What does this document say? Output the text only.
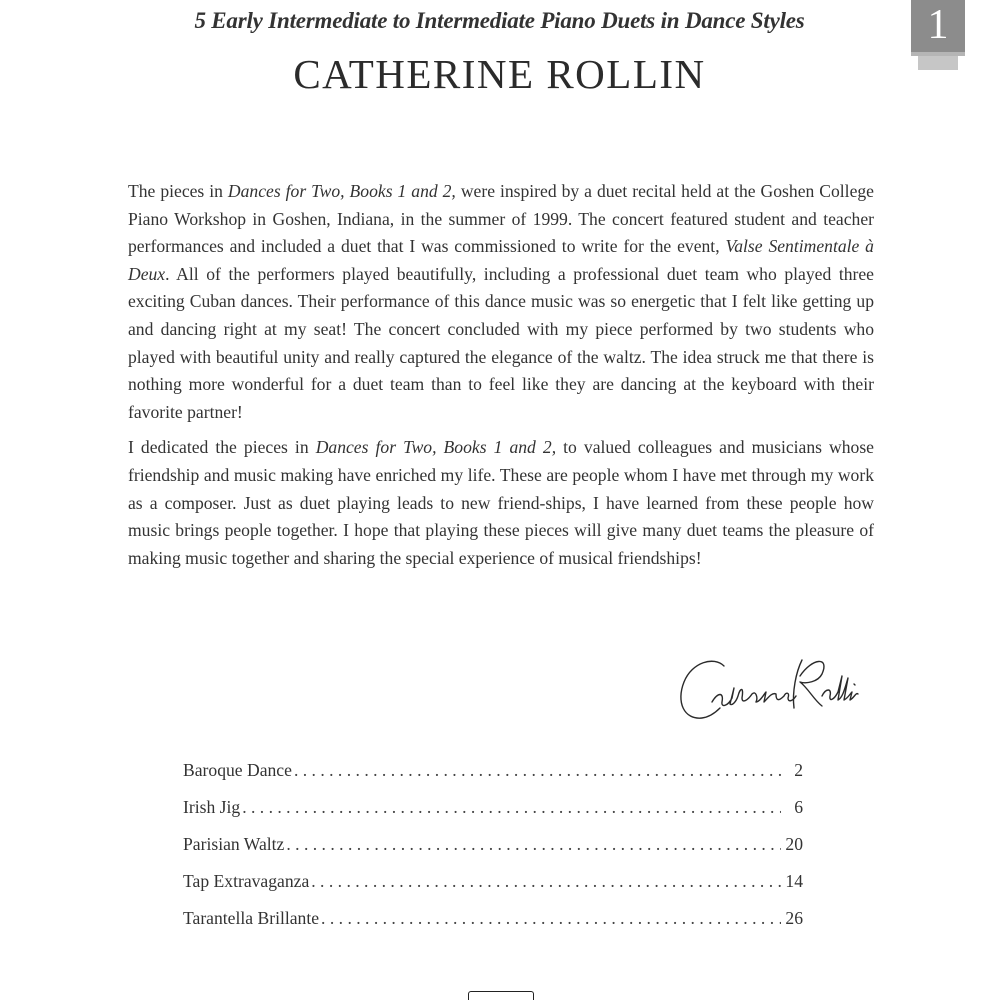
5 Early Intermediate to Intermediate Piano Duets in Dance Styles	1
CATHERINE ROLLIN

The pieces in Dances for Two, Books 1 and 2, were inspired by a duet recital held at the Goshen College Piano Workshop in Goshen, Indiana, in the summer of 1999. The concert featured student and teacher performances and included a duet that I was commissioned to write for the event, Valse Sentimentale à Deux. All of the performers played beautifully, including a professional duet team who played three exciting Cuban dances. Their performance of this dance music was so energetic that I felt like getting up and dancing right at my seat! The concert concluded with my piece performed by two students who played with beautiful unity and really captured the elegance of the waltz. The idea struck me that there is nothing more wonderful for a duet team than to feel like they are dancing at the keyboard with their favorite partner!

I dedicated the pieces in Dances for Two, Books 1 and 2, to valued colleagues and musicians whose friendship and music making have enriched my life. These are people whom I have met through my work as a composer. Just as duet playing leads to new friend-ships, I have learned from these people how music brings people together. I hope that playing these pieces will give many duet teams the pleasure of making music together and sharing the special experience of musical friendships!

Catherine Rollin
Baroque Dance . . .	2
Irish Jig . . .	6
Parisian Waltz . . .	20
Tap Extravaganza . . .	14
Tarantella Brillante . . .	26
